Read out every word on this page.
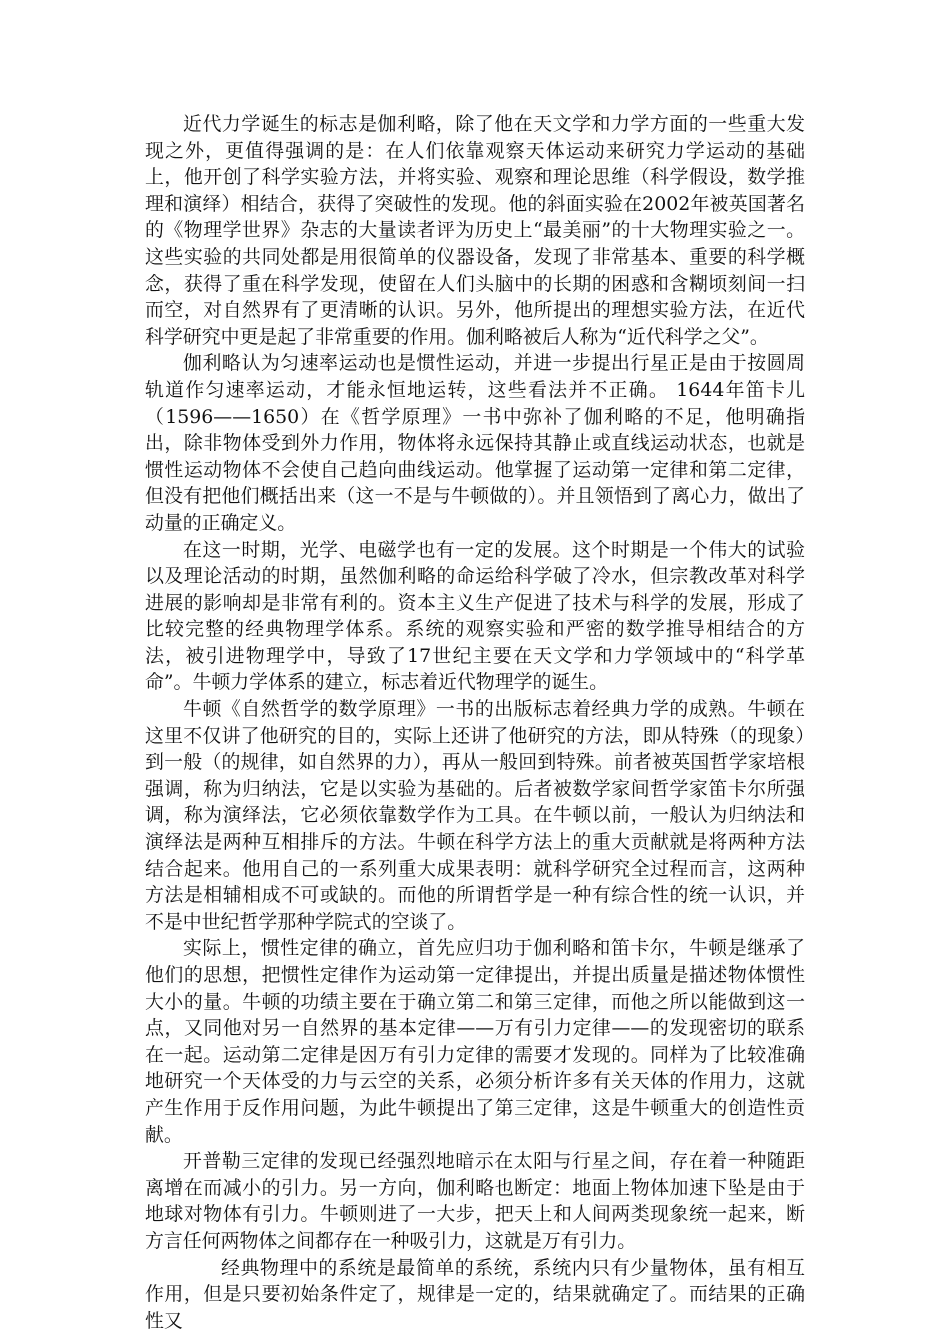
近代力学诞生的标志是伽利略，除了他在天文学和力学方面的一些重大发现之外，更值得强调的是：在人们依靠观察天体运动来研究力学运动的基础上，他开创了科学实验方法，并将实验、观察和理论思维（科学假设，数学推理和演绎）相结合，获得了突破性的发现。他的斜面实验在2002年被英国著名的《物理学世界》杂志的大量读者评为历史上“最美丽”的十大物理实验之一。这些实验的共同处都是用很简单的仪器设备，发现了非常基本、重要的科学概念，获得了重在科学发现，使留在人们头脑中的长期的困惑和含糊顷刻间一扫而空，对自然界有了更清晰的认识。另外，他所提出的理想实验方法，在近代科学研究中更是起了非常重要的作用。伽利略被后人称为“近代科学之父”。

伽利略认为匀速率运动也是惯性运动，并进一步提出行星正是由于按圆周轨道作匀速率运动，才能永恒地运转，这些看法并不正确。 1644年笛卡儿（1596——1650）在《哲学原理》一书中弥补了伽利略的不足，他明确指出，除非物体受到外力作用，物体将永远保持其静止或直线运动状态，也就是惯性运动物体不会使自己趋向曲线运动。他掌握了运动第一定律和第二定律，但没有把他们概括出来（这一不是与牛顿做的）。并且领悟到了离心力，做出了动量的正确定义。

在这一时期，光学、电磁学也有一定的发展。这个时期是一个伟大的试验以及理论活动的时期，虽然伽利略的命运给科学破了冷水，但宗教改革对科学进展的影响却是非常有利的。资本主义生产促进了技术与科学的发展，形成了比较完整的经典物理学体系。系统的观察实验和严密的数学推导相结合的方法，被引进物理学中，导致了17世纪主要在天文学和力学领域中的“科学革命”。牛顿力学体系的建立，标志着近代物理学的诞生。

牛顿《自然哲学的数学原理》一书的出版标志着经典力学的成熟。牛顿在这里不仅讲了他研究的目的，实际上还讲了他研究的方法，即从特殊（的现象）到一般（的规律，如自然界的力），再从一般回到特殊。前者被英国哲学家培根强调，称为归纳法，它是以实验为基础的。后者被数学家间哲学家笛卡尔所强调，称为演绎法，它必须依靠数学作为工具。在牛顿以前，一般认为归纳法和演绎法是两种互相排斥的方法。牛顿在科学方法上的重大贡献就是将两种方法结合起来。他用自己的一系列重大成果表明：就科学研究全过程而言，这两种方法是相辅相成不可或缺的。而他的所谓哲学是一种有综合性的统一认识，并不是中世纪哲学那种学院式的空谈了。

实际上，惯性定律的确立，首先应归功于伽利略和笛卡尔，牛顿是继承了他们的思想，把惯性定律作为运动第一定律提出，并提出质量是描述物体惯性大小的量。牛顿的功绩主要在于确立第二和第三定律，而他之所以能做到这一点，又同他对另一自然界的基本定律——万有引力定律——的发现密切的联系在一起。运动第二定律是因万有引力定律的需要才发现的。同样为了比较准确地研究一个天体受的力与云空的关系，必须分析许多有关天体的作用力，这就产生作用于反作用问题，为此牛顿提出了第三定律，这是牛顿重大的创造性贡献。

开普勒三定律的发现已经强烈地暗示在太阳与行星之间，存在着一种随距离增在而减小的引力。另一方向，伽利略也断定：地面上物体加速下坠是由于地球对物体有引力。牛顿则进了一大步，把天上和人间两类现象统一起来，断方言任何两物体之间都存在一种吸引力，这就是万有引力。

经典物理中的系统是最简单的系统，系统内只有少量物体，虽有相互作用，但是只要初始条件定了，规律是一定的，结果就确定了。而结果的正确性又
